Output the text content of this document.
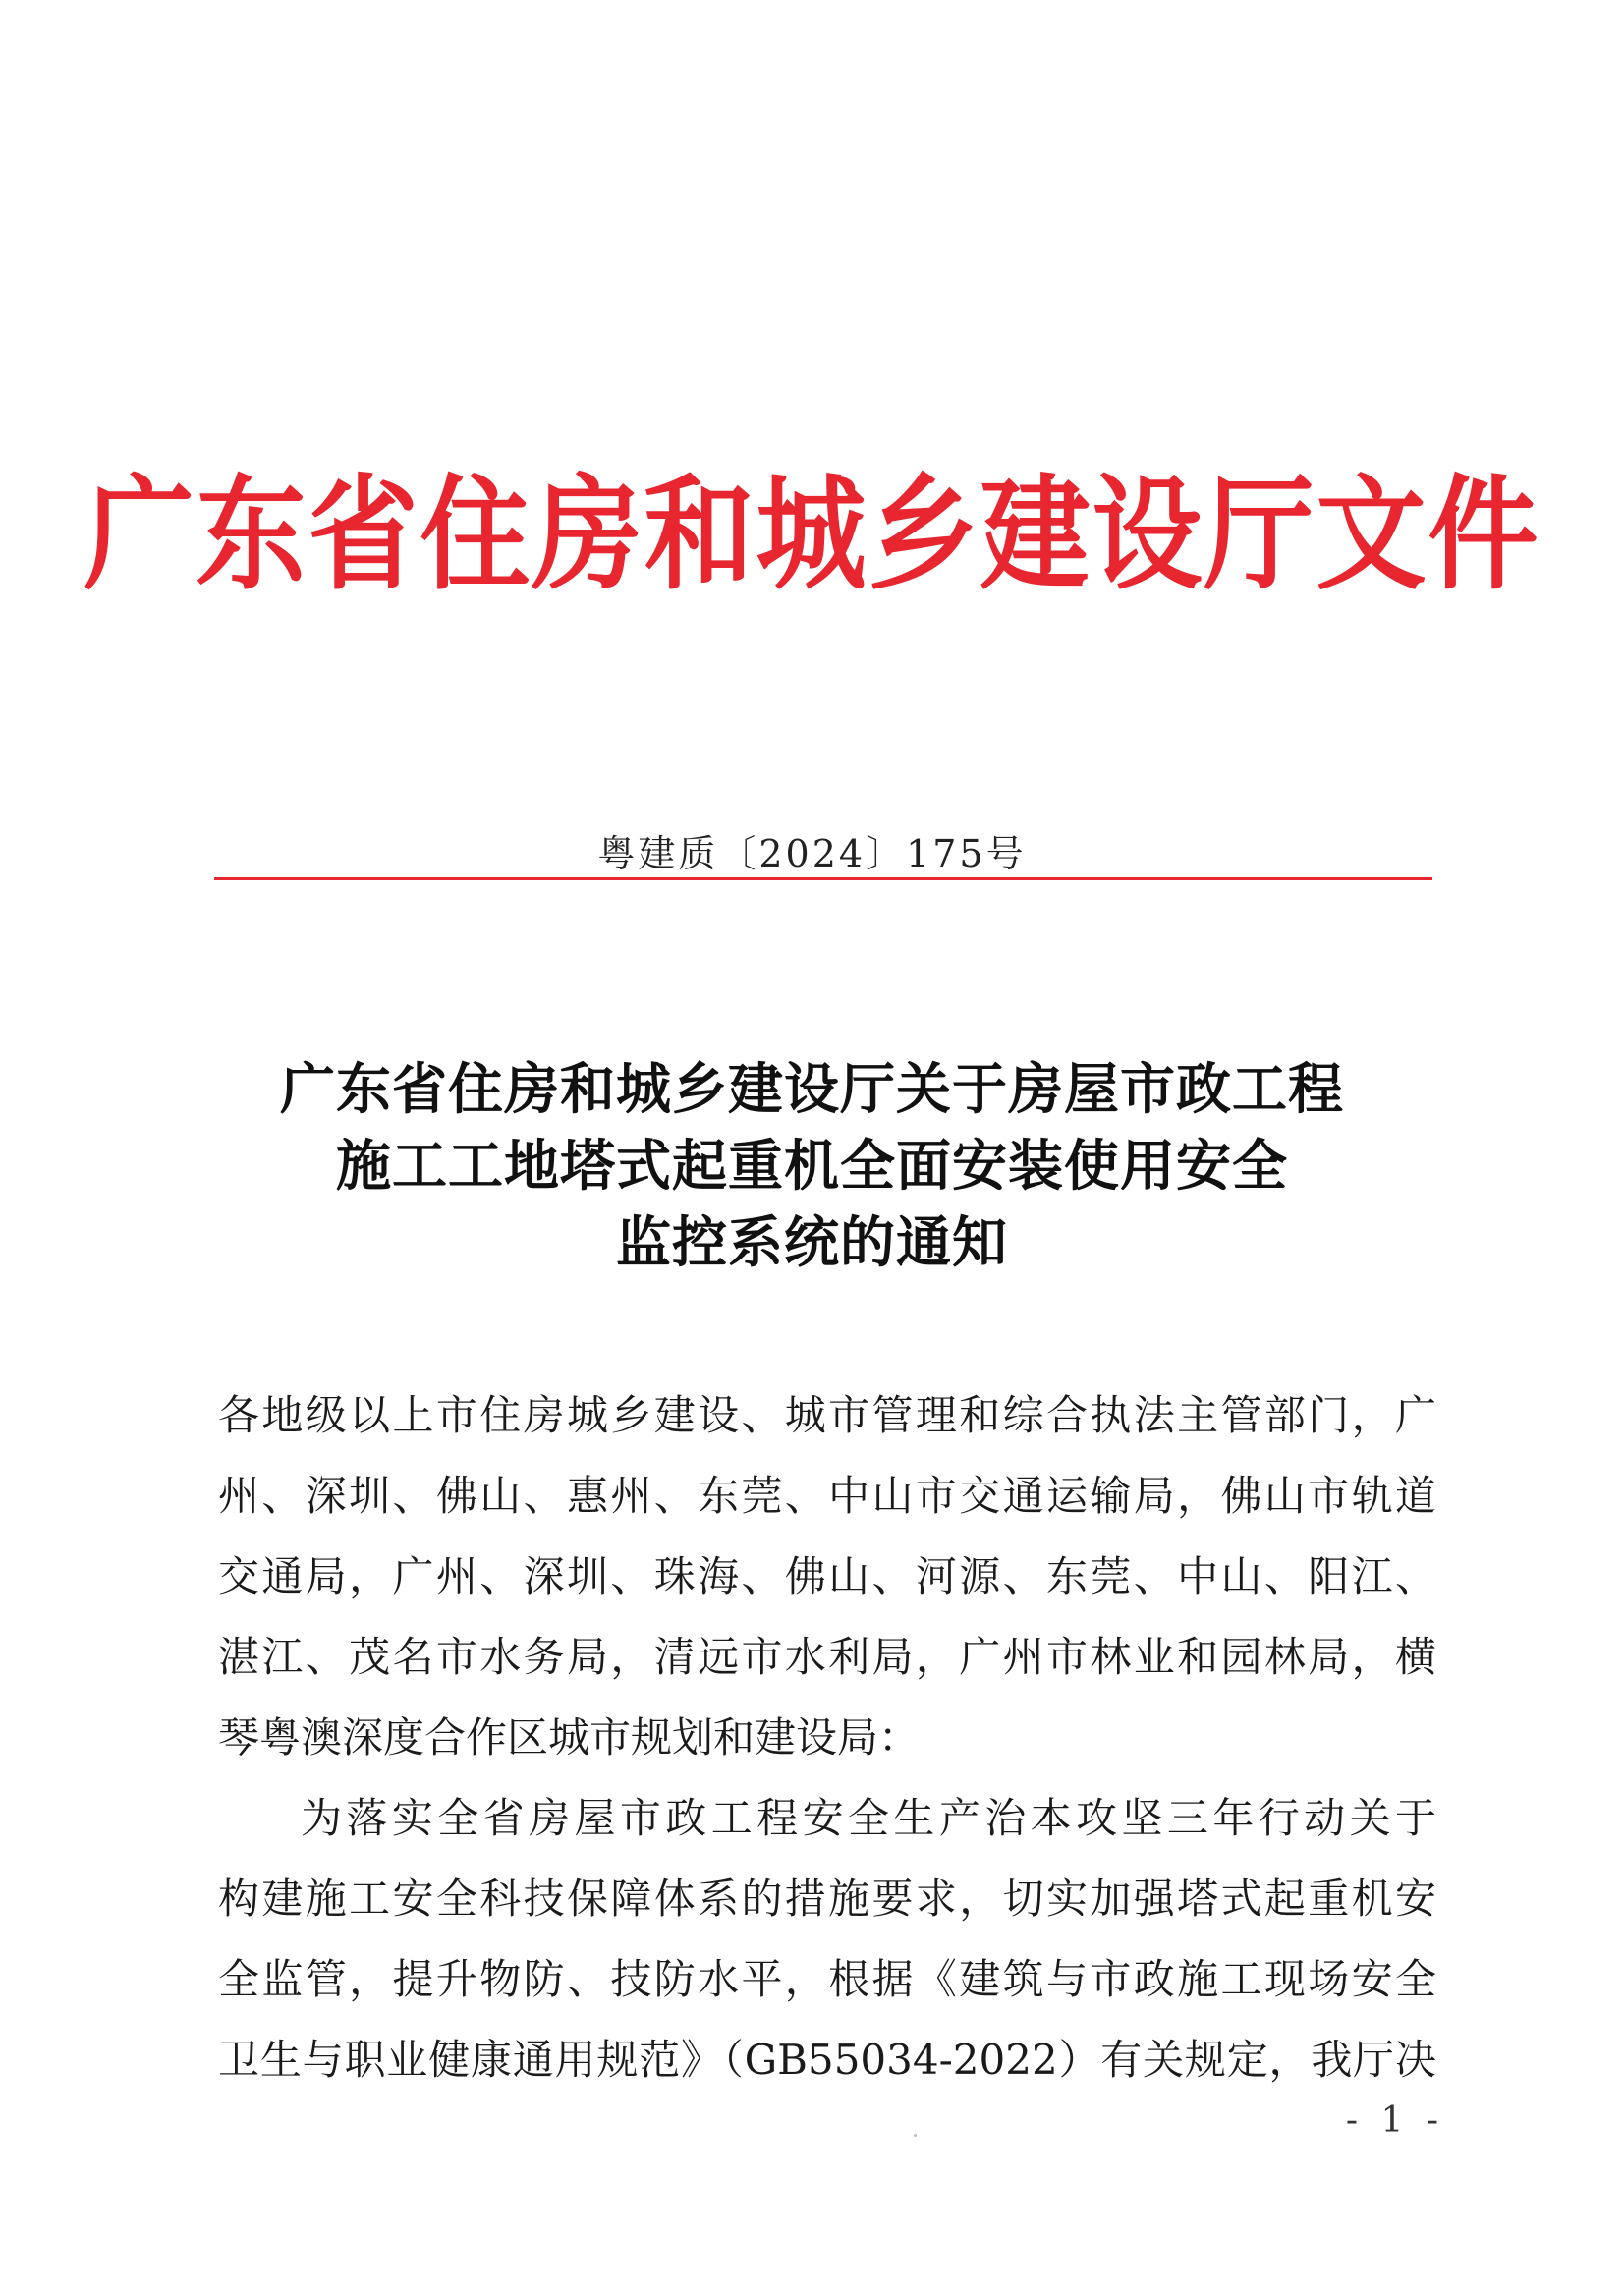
广东省住房和城乡建设厅文件
粤建质〔2024〕175号
广东省住房和城乡建设厅关于房屋市政工程
施工工地塔式起重机全面安装使用安全
监控系统的通知
各地级以上市住房城乡建设、城市管理和综合执法主管部门，广
州、深圳、佛山、惠州、东莞、中山市交通运输局，佛山市轨道
交通局，广州、深圳、珠海、佛山、河源、东莞、中山、阳江、
湛江、茂名市水务局，清远市水利局，广州市林业和园林局，横
琴粤澳深度合作区城市规划和建设局：
为落实全省房屋市政工程安全生产治本攻坚三年行动关于
构建施工安全科技保障体系的措施要求，切实加强塔式起重机安
全监管，提升物防、技防水平，根据《建筑与市政施工现场安全
卫生与职业健康通用规范》（GB55034-2022）有关规定，我厅决
- 1 -
